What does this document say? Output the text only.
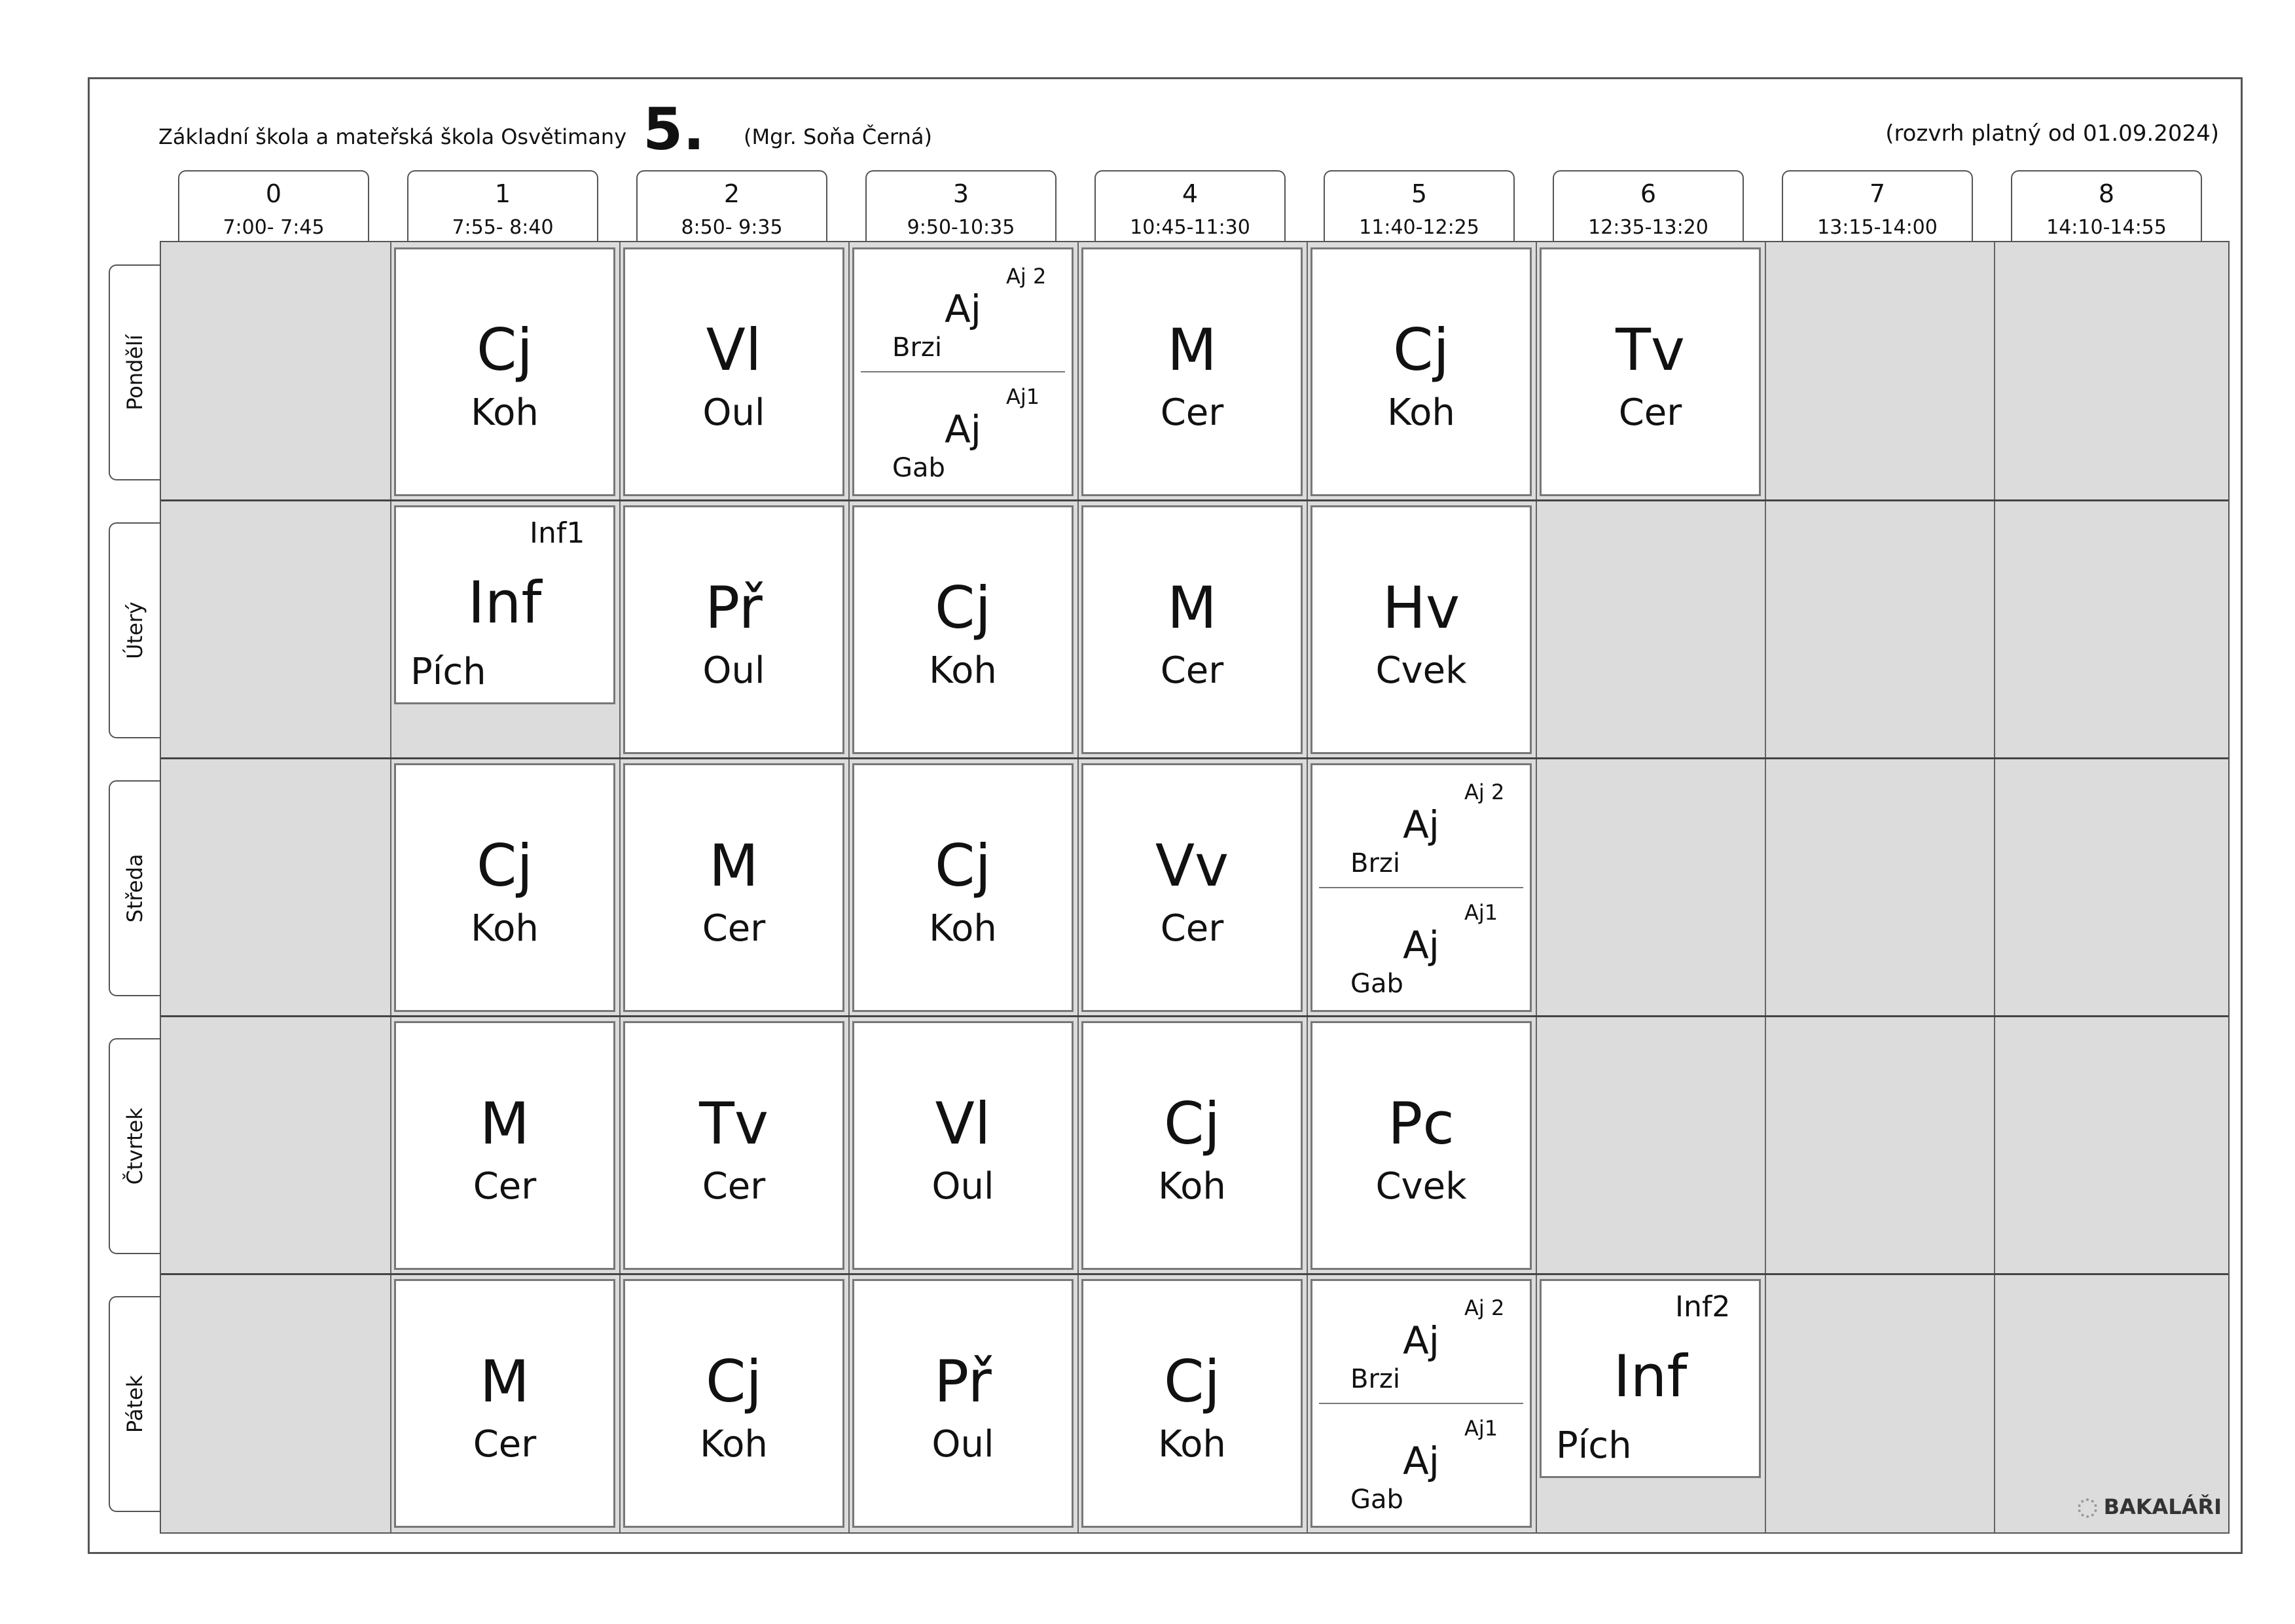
Základní škola a mateřská škola Osvětimany 5. (Mgr. Soňa Černá)	(rozvrh platný od 01.09.2024)
0
7:00- 7:45
1
7:55- 8:40
2
8:50- 9:35
3
9:50-10:35
4
10:45-11:30
5
11:40-12:25
6
12:35-13:20
7
13:15-14:00
8
14:10-14:55
Pondělí
Úterý
Středa
Čtvrtek
Pátek
Cj
Koh
Vl
Oul
Aj 2
Aj
Brzi
Aj1
Aj
Gab
M
Cer
Cj
Koh
Tv
Cer
Inf1
Inf
Pích
Př
Oul
Cj
Koh
M
Cer
Hv
Cvek
Cj
Koh
M
Cer
Cj
Koh
Vv
Cer
Aj 2
Aj
Brzi
Aj1
Aj
Gab
M
Cer
Tv
Cer
Vl
Oul
Cj
Koh
Pc
Cvek
M
Cer
Cj
Koh
Př
Oul
Cj
Koh
Aj 2
Aj
Brzi
Aj1
Aj
Gab
Inf2
Inf
Pích
BAKALÁŘI
